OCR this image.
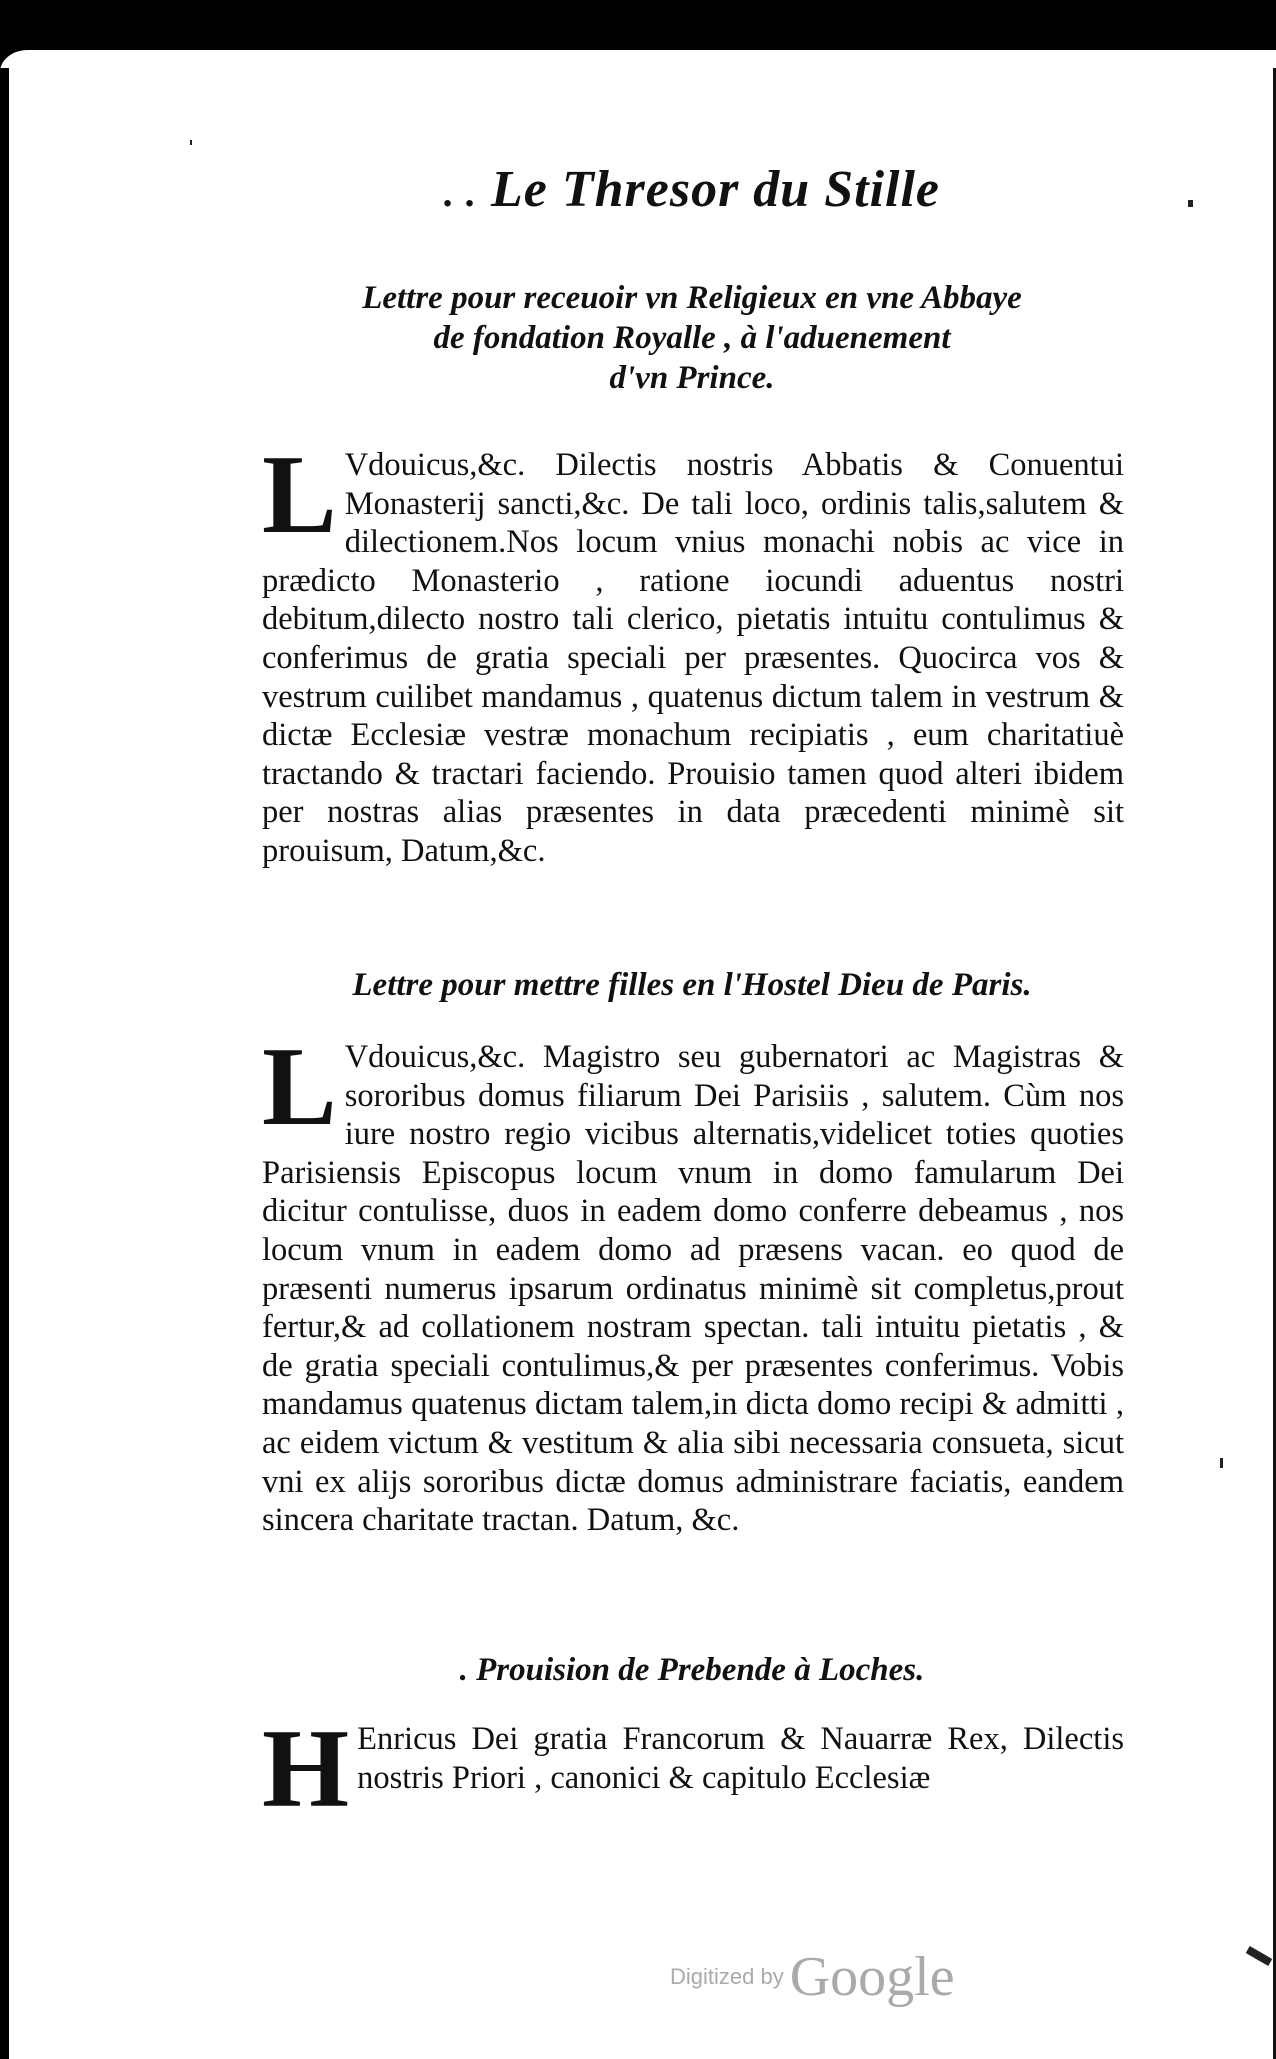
. . Le Thresor du Stille
Lettre pour receuoir vn Religieux en vne Abbaye
de fondation Royalle , à l'aduenement
d'vn Prince.
L Vdouicus,&c. Dilectis nostris Abbatis & Conuentui Monasterij sancti,&c. De tali loco, ordinis talis,salutem & dilectionem.Nos locum vnius monachi nobis ac vice in prædicto Monasterio , ratione iocundi aduentus nostri debitum,dilecto nostro tali clerico, pietatis intuitu contulimus & conferimus de gratia speciali per præsentes. Quocirca vos & vestrum cuilibet mandamus , quatenus dictum talem in vestrum & dictæ Ecclesiæ vestræ monachum recipiatis , eum charitatiuè tractando & tractari faciendo. Prouisio tamen quod alteri ibidem per nostras alias præsentes in data præcedenti minimè sit prouisum, Datum,&c.
Lettre pour mettre filles en l'Hostel Dieu de Paris.
L Vdouicus,&c. Magistro seu gubernatori ac Magistras & sororibus domus filiarum Dei Parisiis , salutem. Cùm nos iure nostro regio vicibus alternatis,videlicet toties quoties Parisiensis Episcopus locum vnum in domo famularum Dei dicitur contulisse, duos in eadem domo conferre debeamus , nos locum vnum in eadem domo ad præsens vacan. eo quod de præsenti numerus ipsarum ordinatus minimè sit completus,prout fertur,& ad collationem nostram spectan. tali intuitu pietatis , & de gratia speciali contulimus,& per præsentes conferimus. Vobis mandamus quatenus dictam talem,in dicta domo recipi & admitti , ac eidem victum & vestitum & alia sibi necessaria consueta, sicut vni ex alijs sororibus dictæ domus administrare faciatis, eandem sincera charitate tractan. Datum, &c.
. Prouision de Prebende à Loches.
H Enricus Dei gratia Francorum & Nauarræ Rex, Dilectis nostris Priori , canonici & capitulo Ecclesiæ
Digitized by Google
